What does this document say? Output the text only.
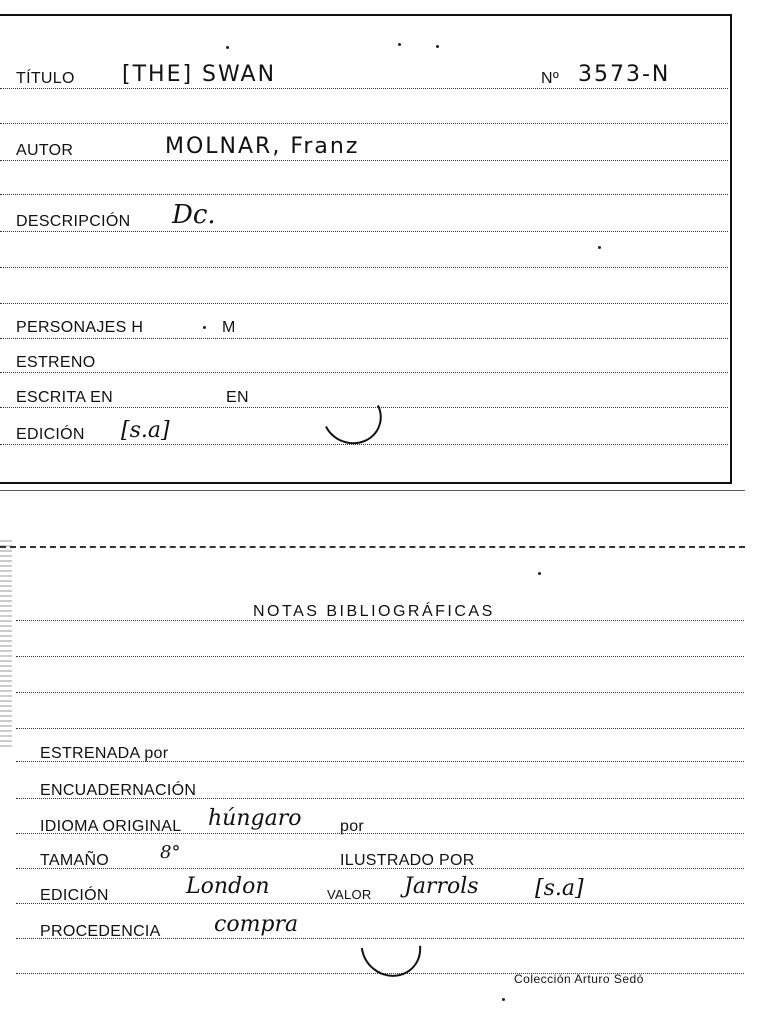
TÍTULO [THE] SWAN	Nº 3573-N
AUTOR	MOLNAR, Franz
DESCRIPCIÓN Dc.
PERSONAJES H	M
ESTRENO
ESCRITA EN	EN
EDICIÓN [s.a]
NOTAS BIBLIOGRÁFICAS
ESTRENADA por
ENCUADERNACIÓN
IDIOMA ORIGINAL húngaro por
TAMAÑO	8°	ILUSTRADO POR
EDICIÓN	London	VALOR Jarrols	[s.a]
PROCEDENCIA compra
Colección Arturo Sedó
